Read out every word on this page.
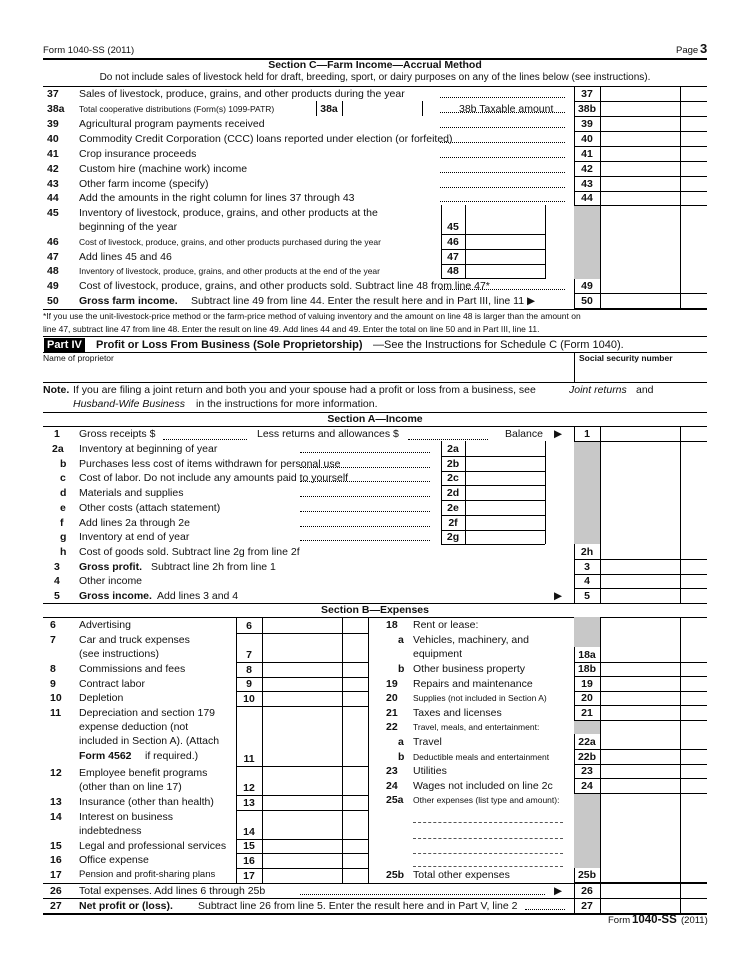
Form 1040-SS (2011)	Page 3
Section C—Farm Income—Accrual Method
Do not include sales of livestock held for draft, breeding, sport, or dairy purposes on any of the lines below (see instructions).
*If you use the unit-livestock-price method or the farm-price method of valuing inventory and the amount on line 48 is larger than the amount on
line 47, subtract line 47 from line 48. Enter the result on line 49. Add lines 44 and 49. Enter the total on line 50 and in Part III, line 11.
Part IV Profit or Loss From Business (Sole Proprietorship) —See the Instructions for Schedule C (Form 1040).
Name of proprietor	Social security number
Note. If you are filing a joint return and both you and your spouse had a profit or loss from a business, see	Joint returns and
Husband-Wife Business in the instructions for more information.
Section A—Income
1 Gross receipts $	Less returns and allowances $	Balance ▶	1
Section B—Expenses
26 Total expenses. Add lines 6 through 25b	▶	26
27 Net profit or (loss). Subtract line 26 from line 5. Enter the result here and in Part V, line 2	27
Form 1040-SS (2011)
37 Sales of livestock, produce, grains, and other products during the year	37
38a Total cooperative distributions (Form(s) 1099-PATR)	38a	38b Taxable amount	38b
39 Agricultural program payments received	39
40 Commodity Credit Corporation (CCC) loans reported under election (or forfeited)	40
41 Crop insurance proceeds	41
42 Custom hire (machine work) income	42
43 Other farm income (specify)	43
44 Add the amounts in the right column for lines 37 through 43	44
45 Inventory of livestock, produce, grains, and other products at the
beginning of the year	45
46 Cost of livestock, produce, grains, and other products purchased during the year	46
47 Add lines 45 and 46	47
48 Inventory of livestock, produce, grains, and other products at the end of the year	48
49 Cost of livestock, produce, grains, and other products sold. Subtract line 48 from line 47*	49
50 Gross farm income. Subtract line 49 from line 44. Enter the result here and in Part III, line 11 ▶	50
2a Inventory at beginning of year	2a
b Purchases less cost of items withdrawn for personal use	2b
c Cost of labor. Do not include any amounts paid to yourself	2c
d Materials and supplies	2d
e Other costs (attach statement)	2e
f Add lines 2a through 2e	2f
g Inventory at end of year	2g
h Cost of goods sold. Subtract line 2g from line 2f	2h
3 Gross profit. Subtract line 2h from line 1	3
4 Other income	4
5 Gross income. Add lines 3 and 4	▶	5
6 Advertising	6
7 Car and truck expenses
(see instructions)	7
8 Commissions and fees	8
9 Contract labor	9
10 Depletion	10
11 Depreciation and section 179
expense deduction (not
included in Section A). (Attach
Form 4562 if required.)	11
12 Employee benefit programs
(other than on line 17)	12
13 Insurance (other than health)	13
14 Interest on business
indebtedness	14
15 Legal and professional services	15
16 Office expense	16
17 Pension and profit-sharing plans	17
18 Rent or lease:
a Vehicles, machinery, and
equipment	18a
b Other business property	18b
19 Repairs and maintenance	19
20 Supplies (not included in Section A)	20
21 Taxes and licenses	21
22 Travel, meals, and entertainment:
a Travel	22a
b Deductible meals and entertainment	22b
23 Utilities	23
24 Wages not included on line 2c	24
25a Other expenses (list type and amount):
25b Total other expenses	25b
